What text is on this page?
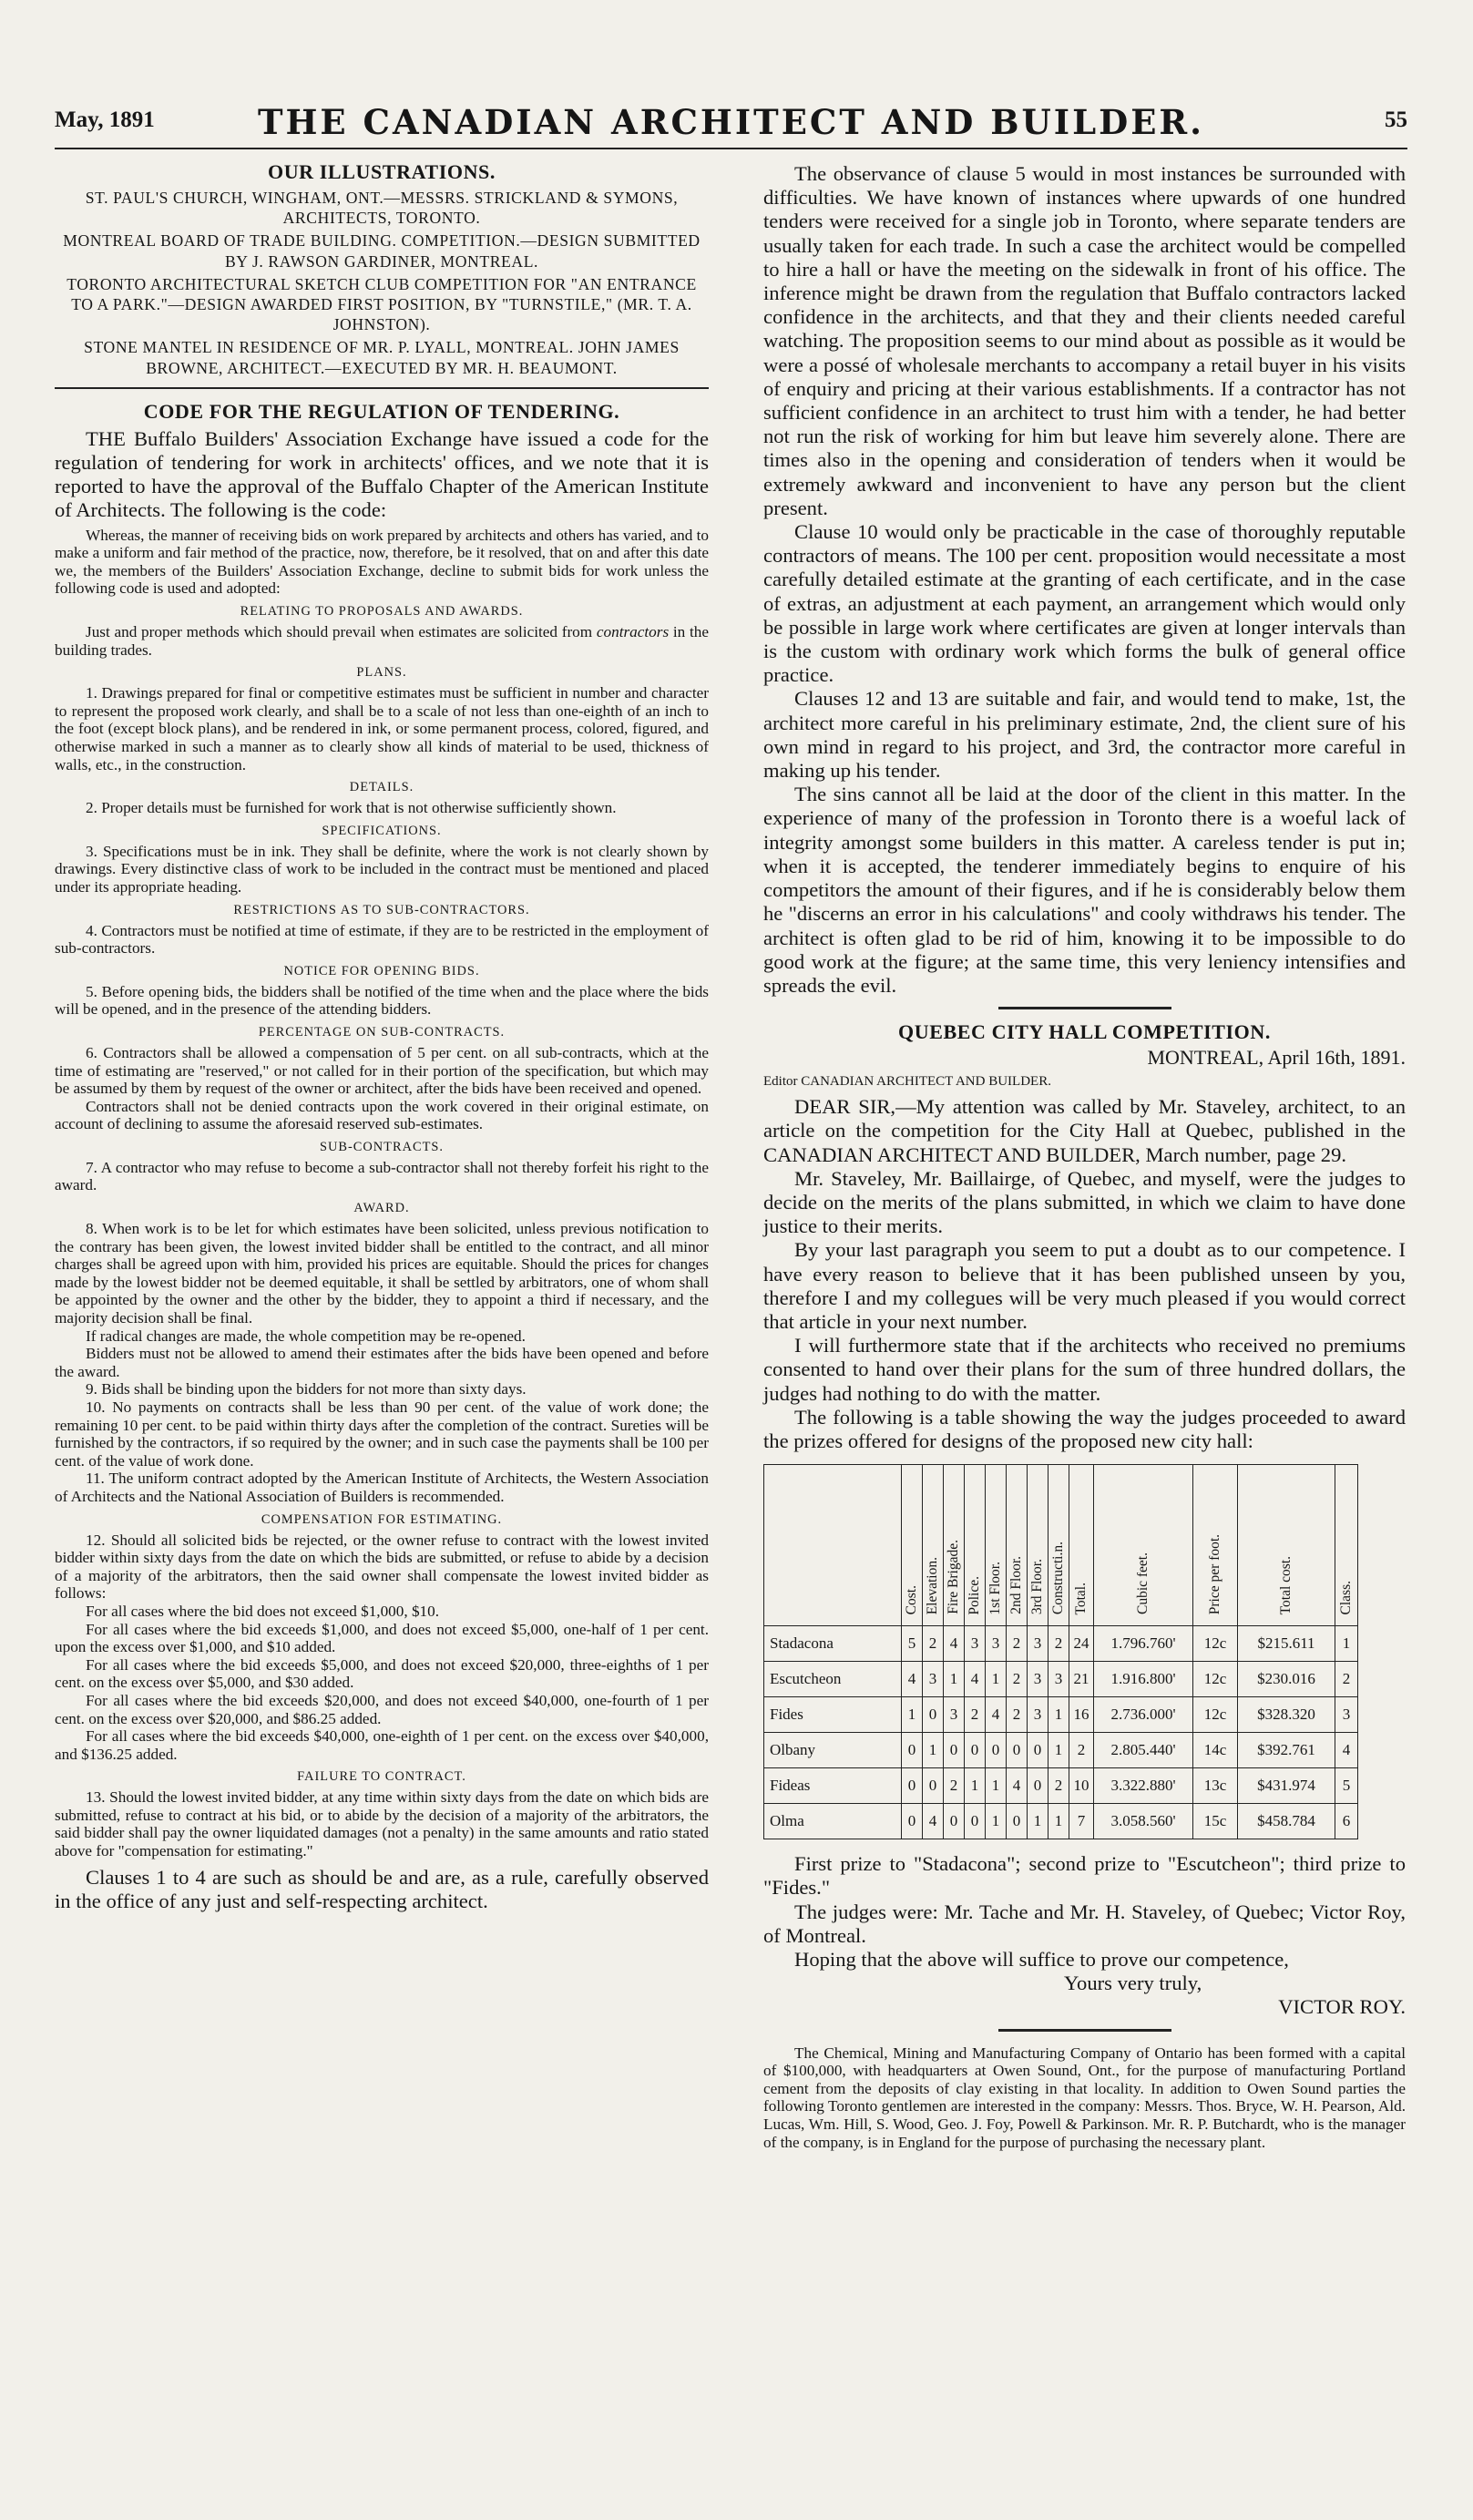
May, 1891	THE CANADIAN ARCHITECT AND BUILDER.	55
OUR ILLUSTRATIONS.

ST. PAUL'S CHURCH, WINGHAM, ONT.—MESSRS. STRICKLAND & SYMONS, ARCHITECTS, TORONTO.

MONTREAL BOARD OF TRADE BUILDING. COMPETITION.—DESIGN SUBMITTED BY J. RAWSON GARDINER, MONTREAL.

TORONTO ARCHITECTURAL SKETCH CLUB COMPETITION FOR "AN ENTRANCE TO A PARK."—DESIGN AWARDED FIRST POSITION, BY "TURNSTILE," (MR. T. A. JOHNSTON).

STONE MANTEL IN RESIDENCE OF MR. P. LYALL, MONTREAL. JOHN JAMES BROWNE, ARCHITECT.—EXECUTED BY MR. H. BEAUMONT.

CODE FOR THE REGULATION OF TENDERING.

THE Buffalo Builders' Association Exchange have issued a code for the regulation of tendering for work in architects' offices, and we note that it is reported to have the approval of the Buffalo Chapter of the American Institute of Architects. The following is the code:

Whereas, the manner of receiving bids on work prepared by architects and others has varied, and to make a uniform and fair method of the practice, now, therefore, be it resolved, that on and after this date we, the members of the Builders' Association Exchange, decline to submit bids for work unless the following code is used and adopted:

RELATING TO PROPOSALS AND AWARDS.

Just and proper methods which should prevail when estimates are solicited from contractors in the building trades.

PLANS.

1. Drawings prepared for final or competitive estimates must be sufficient in number and character to represent the proposed work clearly, and shall be to a scale of not less than one-eighth of an inch to the foot (except block plans), and be rendered in ink, or some permanent process, colored, figured, and otherwise marked in such a manner as to clearly show all kinds of material to be used, thickness of walls, etc., in the construction.

DETAILS.

2. Proper details must be furnished for work that is not otherwise sufficiently shown.

SPECIFICATIONS.

3. Specifications must be in ink. They shall be definite, where the work is not clearly shown by drawings. Every distinctive class of work to be included in the contract must be mentioned and placed under its appropriate heading.

RESTRICTIONS AS TO SUB-CONTRACTORS.

4. Contractors must be notified at time of estimate, if they are to be restricted in the employment of sub-contractors.

NOTICE FOR OPENING BIDS.

5. Before opening bids, the bidders shall be notified of the time when and the place where the bids will be opened, and in the presence of the attending bidders.

PERCENTAGE ON SUB-CONTRACTS.

6. Contractors shall be allowed a compensation of 5 per cent. on all sub-contracts, which at the time of estimating are "reserved," or not called for in their portion of the specification, but which may be assumed by them by request of the owner or architect, after the bids have been received and opened.

Contractors shall not be denied contracts upon the work covered in their original estimate, on account of declining to assume the aforesaid reserved sub-estimates.

SUB-CONTRACTS.

7. A contractor who may refuse to become a sub-contractor shall not thereby forfeit his right to the award.

AWARD.

8. When work is to be let for which estimates have been solicited, unless previous notification to the contrary has been given, the lowest invited bidder shall be entitled to the contract, and all minor charges shall be agreed upon with him, provided his prices are equitable. Should the prices for changes made by the lowest bidder not be deemed equitable, it shall be settled by arbitrators, one of whom shall be appointed by the owner and the other by the bidder, they to appoint a third if necessary, and the majority decision shall be final.

If radical changes are made, the whole competition may be re-opened.

Bidders must not be allowed to amend their estimates after the bids have been opened and before the award.

9. Bids shall be binding upon the bidders for not more than sixty days.

10. No payments on contracts shall be less than 90 per cent. of the value of work done; the remaining 10 per cent. to be paid within thirty days after the completion of the contract. Sureties will be furnished by the contractors, if so required by the owner; and in such case the payments shall be 100 per cent. of the value of work done.

11. The uniform contract adopted by the American Institute of Architects, the Western Association of Architects and the National Association of Builders is recommended.

COMPENSATION FOR ESTIMATING.

12. Should all solicited bids be rejected, or the owner refuse to contract with the lowest invited bidder within sixty days from the date on which the bids are submitted, or refuse to abide by a decision of a majority of the arbitrators, then the said owner shall compensate the lowest invited bidder as follows:

For all cases where the bid does not exceed $1,000, $10.

For all cases where the bid exceeds $1,000, and does not exceed $5,000, one-half of 1 per cent. upon the excess over $1,000, and $10 added.

For all cases where the bid exceeds $5,000, and does not exceed $20,000, three-eighths of 1 per cent. on the excess over $5,000, and $30 added.

For all cases where the bid exceeds $20,000, and does not exceed $40,000, one-fourth of 1 per cent. on the excess over $20,000, and $86.25 added.

For all cases where the bid exceeds $40,000, one-eighth of 1 per cent. on the excess over $40,000, and $136.25 added.

FAILURE TO CONTRACT.

13. Should the lowest invited bidder, at any time within sixty days from the date on which bids are submitted, refuse to contract at his bid, or to abide by the decision of a majority of the arbitrators, the said bidder shall pay the owner liquidated damages (not a penalty) in the same amounts and ratio stated above for "compensation for estimating."

Clauses 1 to 4 are such as should be and are, as a rule, carefully observed in the office of any just and self-respecting architect.

The observance of clause 5 would in most instances be surrounded with difficulties. We have known of instances where upwards of one hundred tenders were received for a single job in Toronto, where separate tenders are usually taken for each trade. In such a case the architect would be compelled to hire a hall or have the meeting on the sidewalk in front of his office. The inference might be drawn from the regulation that Buffalo contractors lacked confidence in the architects, and that they and their clients needed careful watching. The proposition seems to our mind about as possible as it would be were a possé of wholesale merchants to accompany a retail buyer in his visits of enquiry and pricing at their various establishments. If a contractor has not sufficient confidence in an architect to trust him with a tender, he had better not run the risk of working for him but leave him severely alone. There are times also in the opening and consideration of tenders when it would be extremely awkward and inconvenient to have any person but the client present.

Clause 10 would only be practicable in the case of thoroughly reputable contractors of means. The 100 per cent. proposition would necessitate a most carefully detailed estimate at the granting of each certificate, and in the case of extras, an adjustment at each payment, an arrangement which would only be possible in large work where certificates are given at longer intervals than is the custom with ordinary work which forms the bulk of general office practice.

Clauses 12 and 13 are suitable and fair, and would tend to make, 1st, the architect more careful in his preliminary estimate, 2nd, the client sure of his own mind in regard to his project, and 3rd, the contractor more careful in making up his tender.

The sins cannot all be laid at the door of the client in this matter. In the experience of many of the profession in Toronto there is a woeful lack of integrity amongst some builders in this matter. A careless tender is put in; when it is accepted, the tenderer immediately begins to enquire of his competitors the amount of their figures, and if he is considerably below them he "discerns an error in his calculations" and cooly withdraws his tender. The architect is often glad to be rid of him, knowing it to be impossible to do good work at the figure; at the same time, this very leniency intensifies and spreads the evil.

QUEBEC CITY HALL COMPETITION.
MONTREAL, April 16th, 1891.
Editor CANADIAN ARCHITECT AND BUILDER.

DEAR SIR,—My attention was called by Mr. Staveley, architect, to an article on the competition for the City Hall at Quebec, published in the CANADIAN ARCHITECT AND BUILDER, March number, page 29.

Mr. Staveley, Mr. Baillairge, of Quebec, and myself, were the judges to decide on the merits of the plans submitted, in which we claim to have done justice to their merits.

By your last paragraph you seem to put a doubt as to our competence. I have every reason to believe that it has been published unseen by you, therefore I and my collegues will be very much pleased if you would correct that article in your next number.

I will furthermore state that if the architects who received no premiums consented to hand over their plans for the sum of three hundred dollars, the judges had nothing to do with the matter.

The following is a table showing the way the judges proceeded to award the prizes offered for designs of the proposed new city hall:

	Cost.	Elevation.	Fire Brigade.	Police.	1st Floor.	2nd Floor.	3rd Floor.	Constructi.n.	Total.	Cubic feet.	Price per foot.	Total cost.	Class.
Stadacona	5	2	4	3	3	2	3	2	24	1.796.760'	12c	$215.611	1
Escutcheon	4	3	1	4	1	2	3	3	21	1.916.800'	12c	$230.016	2
Fides	1	0	3	2	4	2	3	1	16	2.736.000'	12c	$328.320	3
Olbany	0	1	0	0	0	0	0	1	2	2.805.440'	14c	$392.761	4
Fideas	0	0	2	1	1	4	0	2	10	3.322.880'	13c	$431.974	5
Olma	0	4	0	0	1	0	1	1	7	3.058.560'	15c	$458.784	6

First prize to "Stadacona"; second prize to "Escutcheon"; third prize to "Fides."

The judges were: Mr. Tache and Mr. H. Staveley, of Quebec; Victor Roy, of Montreal.

Hoping that the above will suffice to prove our competence,

Yours very truly,

VICTOR ROY.

The Chemical, Mining and Manufacturing Company of Ontario has been formed with a capital of $100,000, with headquarters at Owen Sound, Ont., for the purpose of manufacturing Portland cement from the deposits of clay existing in that locality. In addition to Owen Sound parties the following Toronto gentlemen are interested in the company: Messrs. Thos. Bryce, W. H. Pearson, Ald. Lucas, Wm. Hill, S. Wood, Geo. J. Foy, Powell & Parkinson. Mr. R. P. Butchardt, who is the manager of the company, is in England for the purpose of purchasing the necessary plant.
